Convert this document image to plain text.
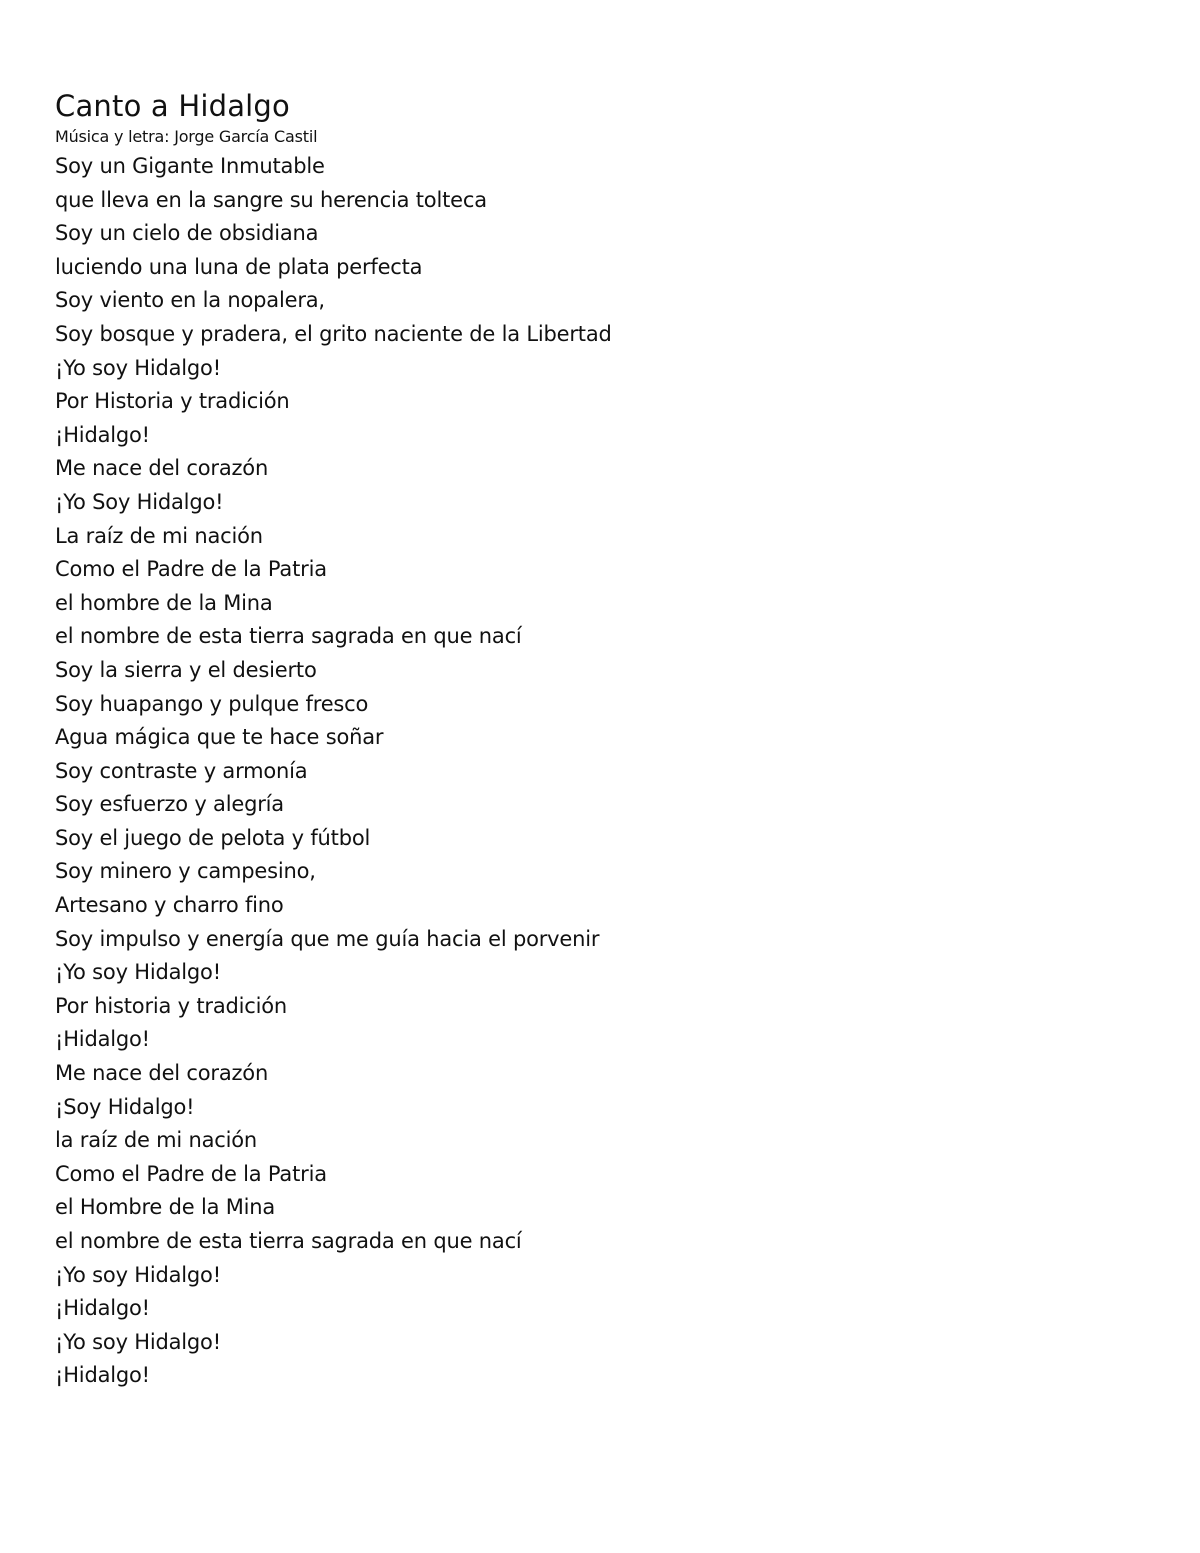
Canto a Hidalgo

Música y letra: Jorge García Castil

Soy un Gigante Inmutable
que lleva en la sangre su herencia tolteca
Soy un cielo de obsidiana
luciendo una luna de plata perfecta
Soy viento en la nopalera,
Soy bosque y pradera, el grito naciente de la Libertad
¡Yo soy Hidalgo!
Por Historia y tradición
¡Hidalgo!
Me nace del corazón
¡Yo Soy Hidalgo!
La raíz de mi nación
Como el Padre de la Patria
el hombre de la Mina
el nombre de esta tierra sagrada en que nací
Soy la sierra y el desierto
Soy huapango y pulque fresco
Agua mágica que te hace soñar
Soy contraste y armonía
Soy esfuerzo y alegría
Soy el juego de pelota y fútbol
Soy minero y campesino,
Artesano y charro fino
Soy impulso y energía que me guía hacia el porvenir
¡Yo soy Hidalgo!
Por historia y tradición
¡Hidalgo!
Me nace del corazón
¡Soy Hidalgo!
la raíz de mi nación
Como el Padre de la Patria
el Hombre de la Mina
el nombre de esta tierra sagrada en que nací
¡Yo soy Hidalgo!
¡Hidalgo!
¡Yo soy Hidalgo!
¡Hidalgo!
